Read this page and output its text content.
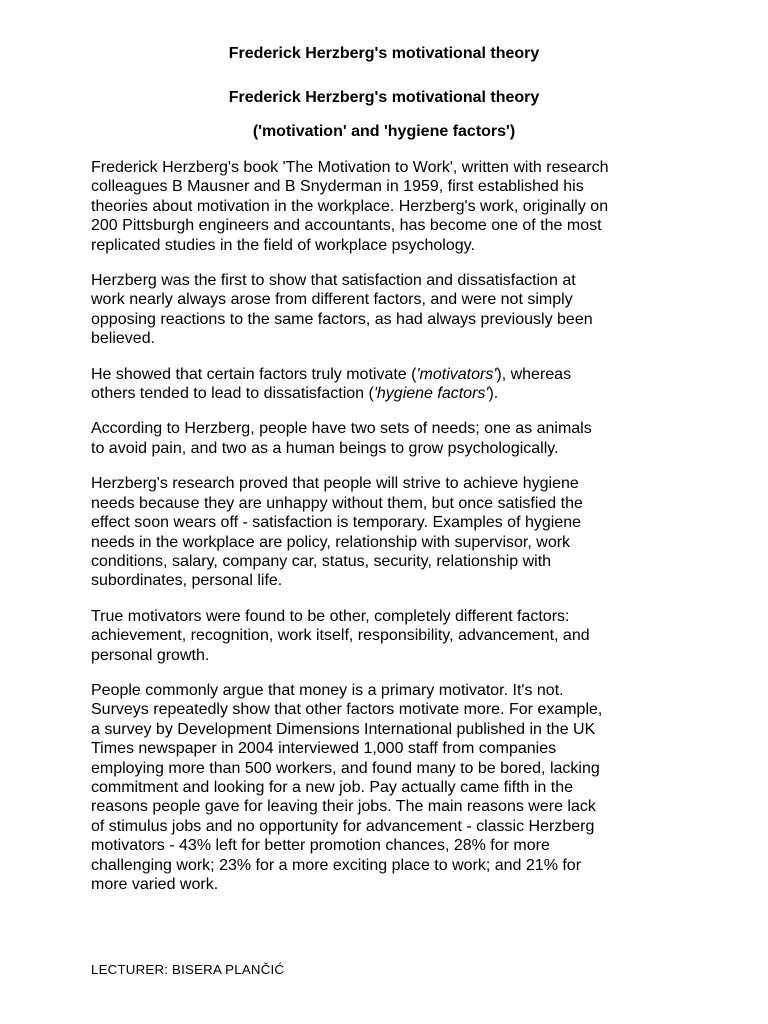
Frederick Herzberg's motivational theory
Frederick Herzberg's motivational theory
('motivation' and 'hygiene factors')

Frederick Herzberg's book 'The Motivation to Work', written with research
colleagues B Mausner and B Snyderman in 1959, first established his
theories about motivation in the workplace. Herzberg's work, originally on
200 Pittsburgh engineers and accountants, has become one of the most
replicated studies in the field of workplace psychology.

Herzberg was the first to show that satisfaction and dissatisfaction at
work nearly always arose from different factors, and were not simply
opposing reactions to the same factors, as had always previously been
believed.

He showed that certain factors truly motivate ('motivators'), whereas
others tended to lead to dissatisfaction ('hygiene factors').

According to Herzberg, people have two sets of needs; one as animals
to avoid pain, and two as a human beings to grow psychologically.

Herzberg's research proved that people will strive to achieve hygiene
needs because they are unhappy without them, but once satisfied the
effect soon wears off - satisfaction is temporary. Examples of hygiene
needs in the workplace are policy, relationship with supervisor, work
conditions, salary, company car, status, security, relationship with
subordinates, personal life.

True motivators were found to be other, completely different factors:
achievement, recognition, work itself, responsibility, advancement, and
personal growth.

People commonly argue that money is a primary motivator. It's not.
Surveys repeatedly show that other factors motivate more. For example,
a survey by Development Dimensions International published in the UK
Times newspaper in 2004 interviewed 1,000 staff from companies
employing more than 500 workers, and found many to be bored, lacking
commitment and looking for a new job. Pay actually came fifth in the
reasons people gave for leaving their jobs. The main reasons were lack
of stimulus jobs and no opportunity for advancement - classic Herzberg
motivators - 43% left for better promotion chances, 28% for more
challenging work; 23% for a more exciting place to work; and 21% for
more varied work.

LECTURER: BISERA PLANČIĆ
